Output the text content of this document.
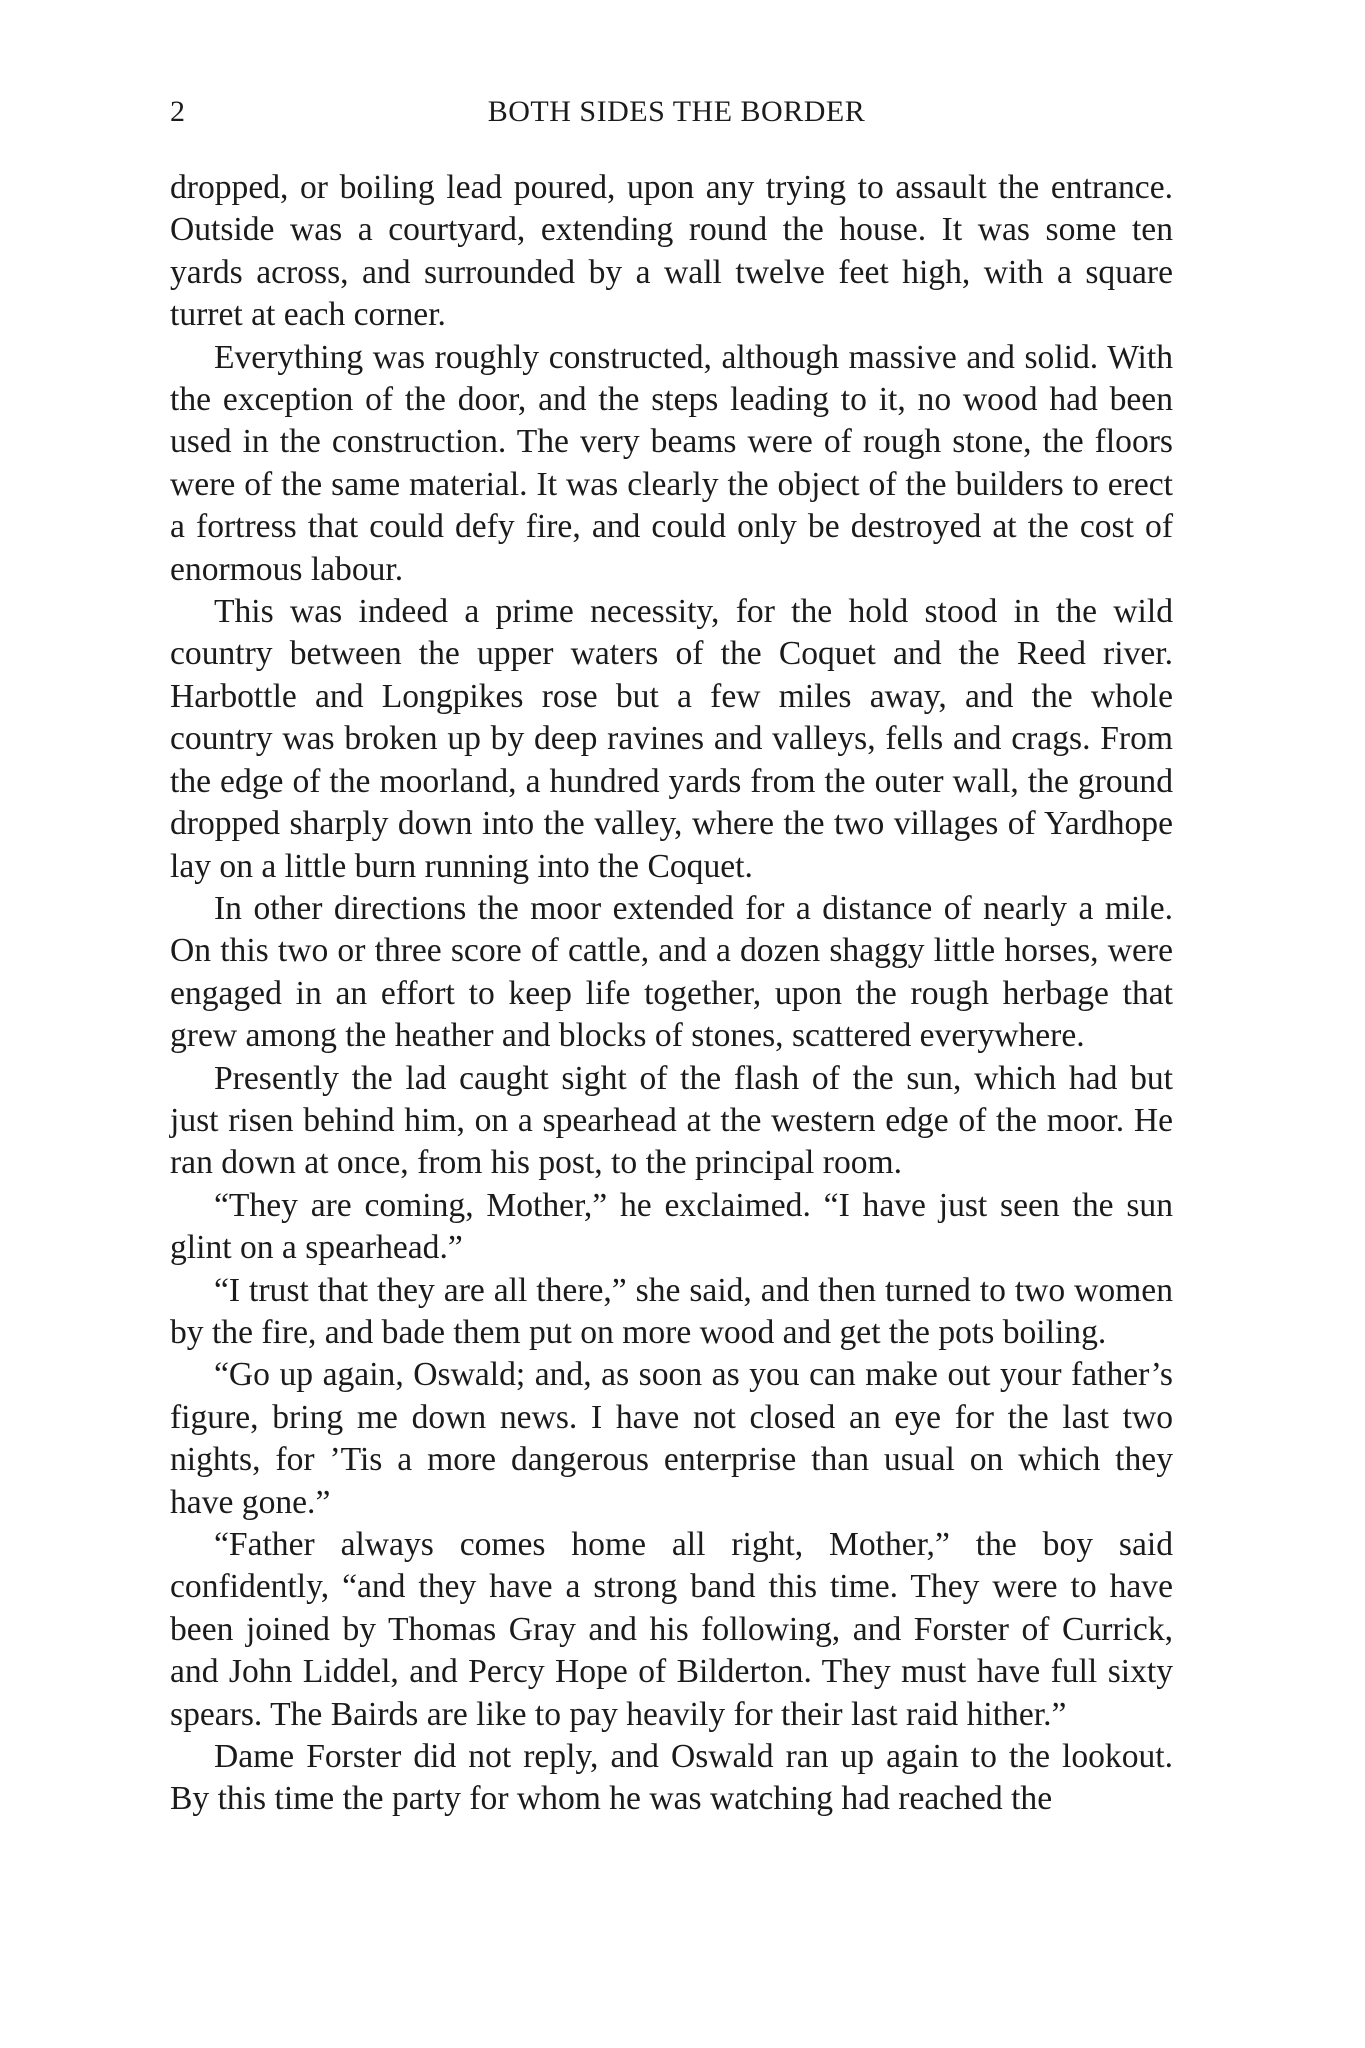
2	BOTH SIDES THE BORDER

dropped, or boiling lead poured, upon any trying to assault the entrance. Outside was a courtyard, extending round the house. It was some ten yards across, and surrounded by a wall twelve feet high, with a square turret at each corner.

Everything was roughly constructed, although massive and solid. With the exception of the door, and the steps leading to it, no wood had been used in the construction. The very beams were of rough stone, the floors were of the same material. It was clearly the object of the builders to erect a fortress that could defy fire, and could only be destroyed at the cost of enormous labour.

This was indeed a prime necessity, for the hold stood in the wild country between the upper waters of the Coquet and the Reed river. Harbottle and Longpikes rose but a few miles away, and the whole country was broken up by deep ravines and valleys, fells and crags. From the edge of the moorland, a hundred yards from the outer wall, the ground dropped sharply down into the valley, where the two villages of Yardhope lay on a little burn running into the Coquet.

In other directions the moor extended for a distance of nearly a mile. On this two or three score of cattle, and a dozen shaggy little horses, were engaged in an effort to keep life together, upon the rough herbage that grew among the heather and blocks of stones, scattered everywhere.

Presently the lad caught sight of the flash of the sun, which had but just risen behind him, on a spearhead at the western edge of the moor. He ran down at once, from his post, to the principal room.

“They are coming, Mother,” he exclaimed. “I have just seen the sun glint on a spearhead.”

“I trust that they are all there,” she said, and then turned to two women by the fire, and bade them put on more wood and get the pots boiling.

“Go up again, Oswald; and, as soon as you can make out your father’s figure, bring me down news. I have not closed an eye for the last two nights, for ’Tis a more dangerous enterprise than usual on which they have gone.”

“Father always comes home all right, Mother,” the boy said confidently, “and they have a strong band this time. They were to have been joined by Thomas Gray and his following, and Forster of Currick, and John Liddel, and Percy Hope of Bilderton. They must have full sixty spears. The Bairds are like to pay heavily for their last raid hither.”

Dame Forster did not reply, and Oswald ran up again to the lookout. By this time the party for whom he was watching had reached the
